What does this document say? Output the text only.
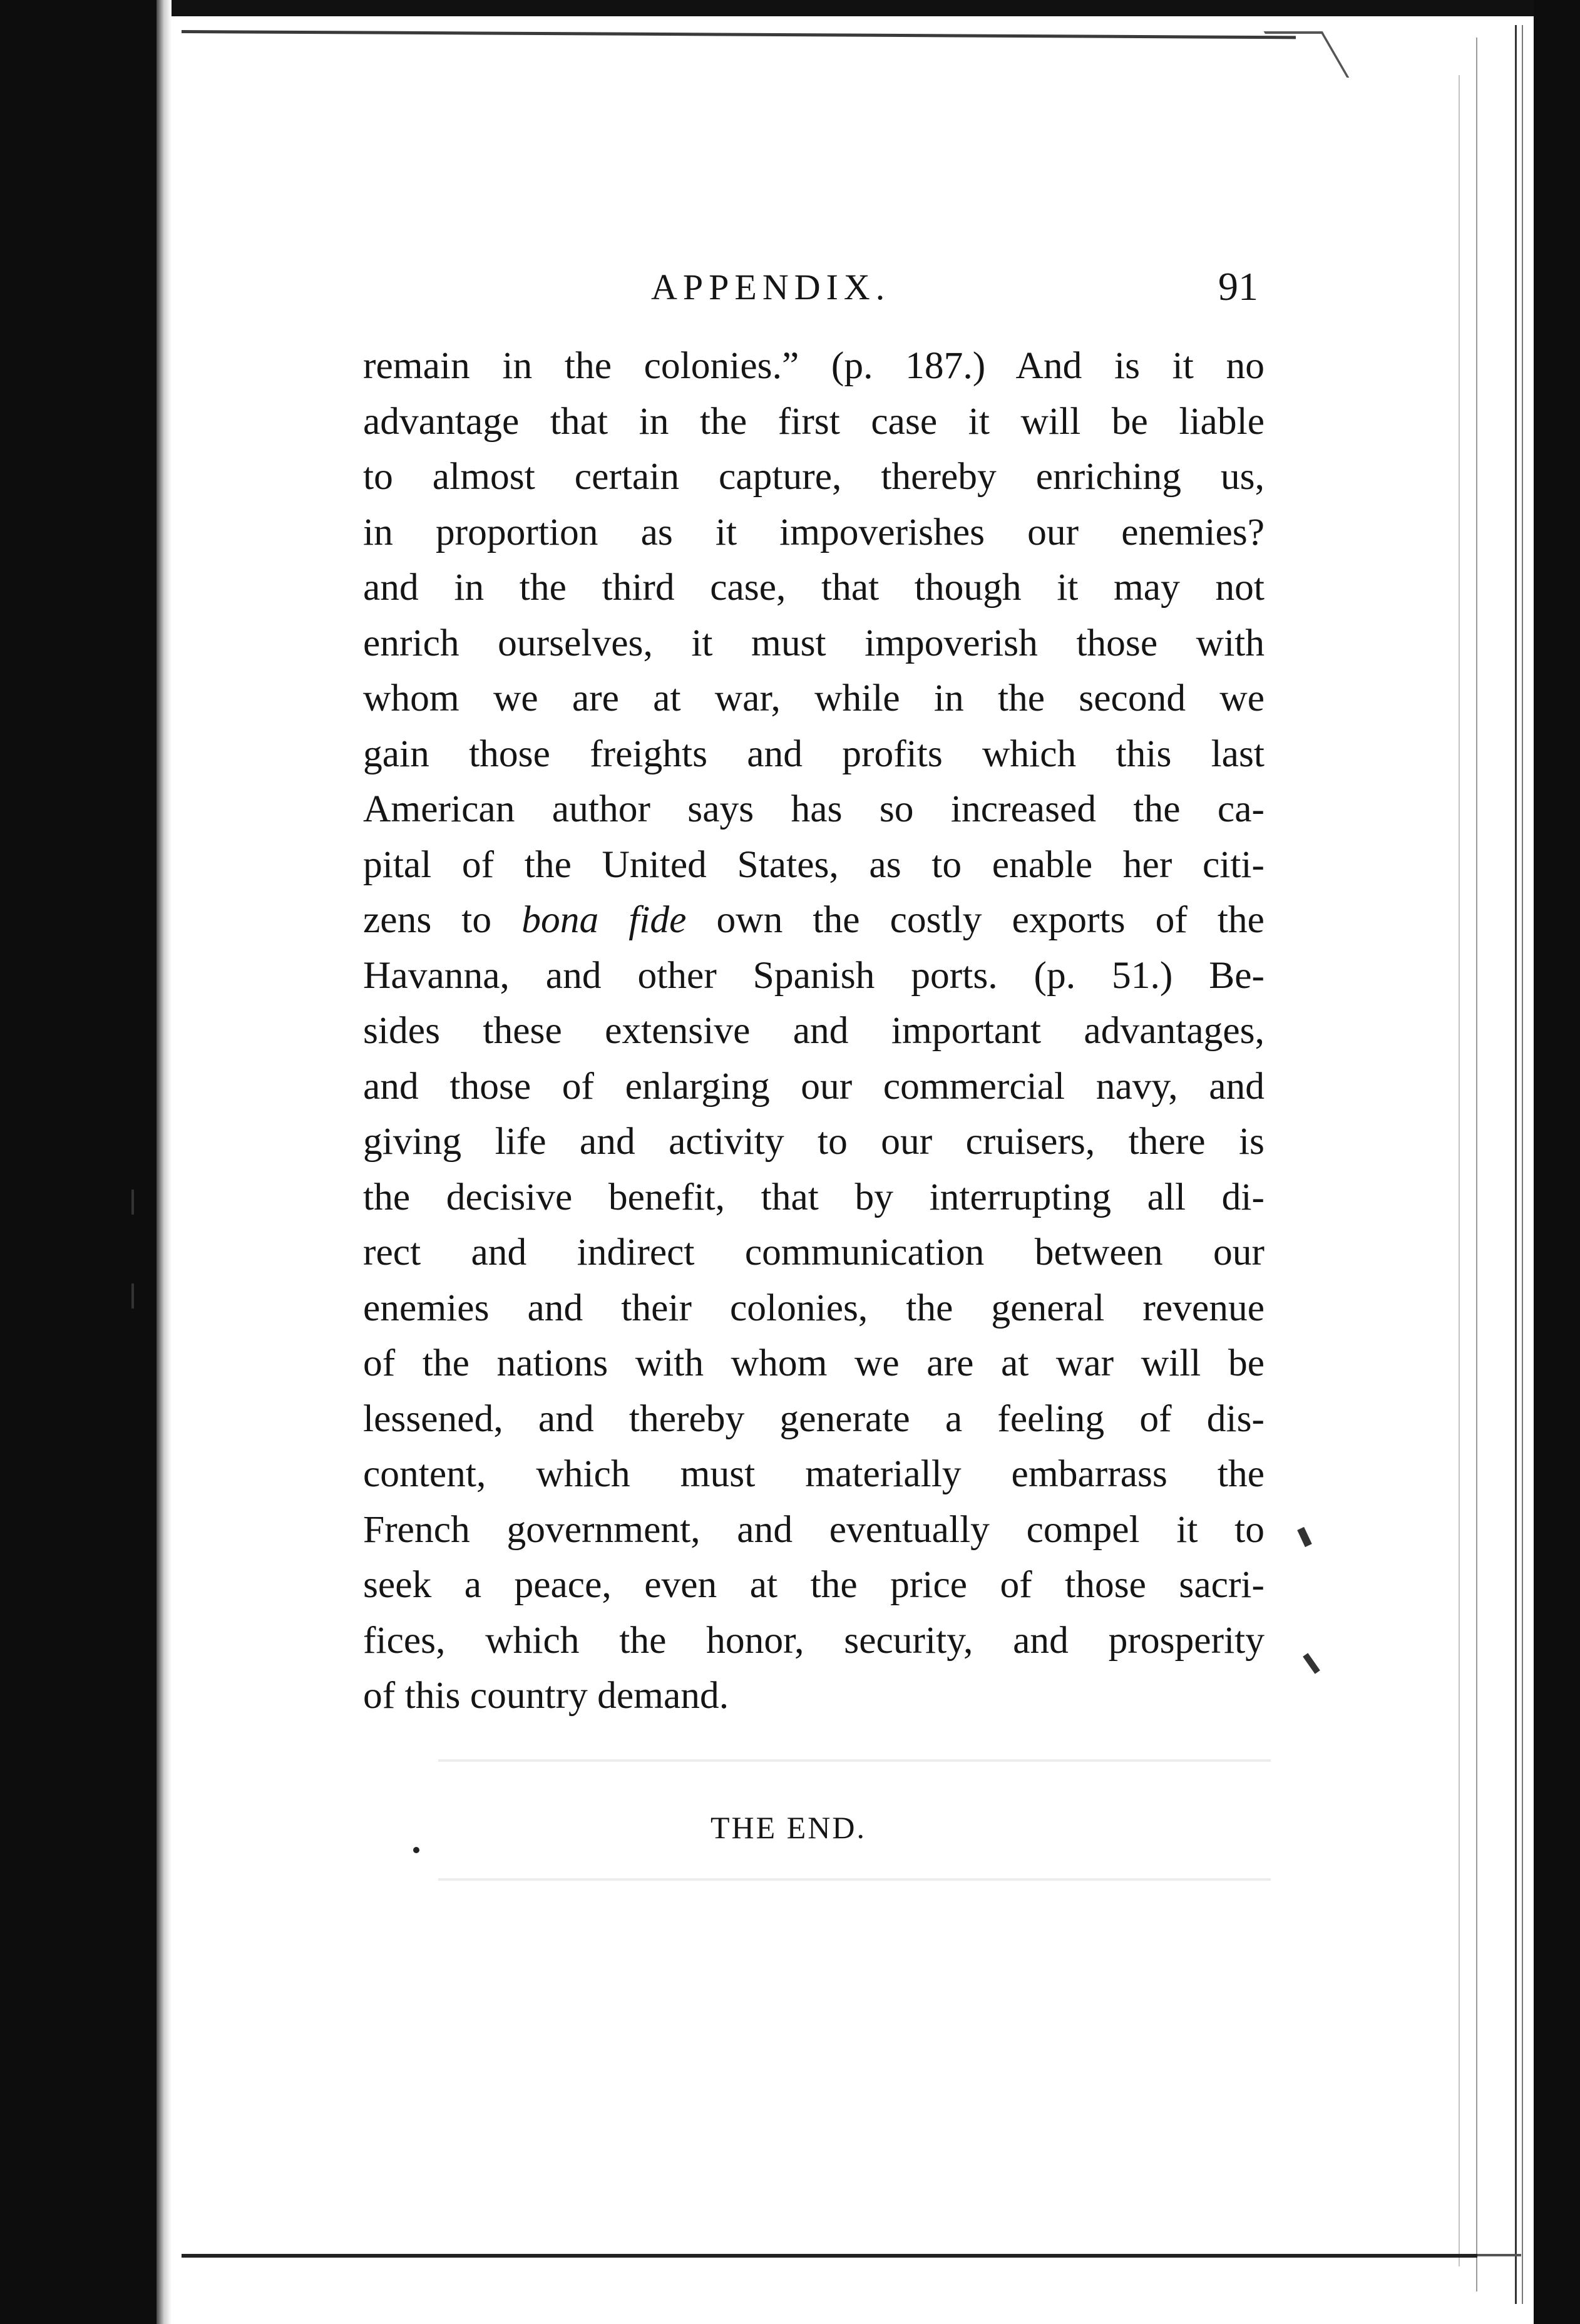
APPENDIX.	91
remain in the colonies.” (p. 187.) And is it no
advantage that in the first case it will be liable
to almost certain capture, thereby enriching us,
in proportion as it impoverishes our enemies?
and in the third case, that though it may not
enrich ourselves, it must impoverish those with
whom we are at war, while in the second we
gain those freights and profits which this last
American author says has so increased the ca-
pital of the United States, as to enable her citi-
zens to bona fide own the costly exports of the
Havanna, and other Spanish ports. (p. 51.) Be-
sides these extensive and important advantages,
and those of enlarging our commercial navy, and
giving life and activity to our cruisers, there is
the decisive benefit, that by interrupting all di-
rect and indirect communication between our
enemies and their colonies, the general revenue
of the nations with whom we are at war will be
lessened, and thereby generate a feeling of dis-
content, which must materially embarrass the
French government, and eventually compel it to
seek a peace, even at the price of those sacri-
fices, which the honor, security, and prosperity
of this country demand.
THE END.
